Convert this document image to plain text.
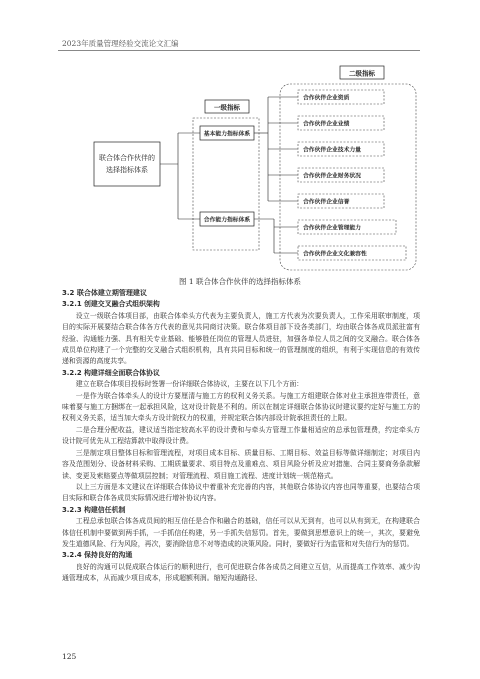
2023年质量管理经验交流论文汇编
联合体合作伙伴的
选择指标体系
一级指标
基本能力指标体系
合作能力指标体系
二级指标
合作伙伴企业资质
合作伙伴企业业绩
合作伙伴企业技术力量
合作伙伴企业财务状况
合作伙伴企业信誉
合作伙伴企业管理能力
合作伙伴企业文化兼容性
图 1 联合体合作伙伴的选择指标体系
3.2 联合体建立期管理建议
3.2.1 创建交叉融合式组织架构

设立一级联合体项目部，由联合体牵头方代表为主要负责人，施工方代表为次要负责人，工作采用联审制度，项目的实际开展要结合联合体各方代表的意见共同商讨决策。联合体项目部下设各类部门，均由联合体各成员派驻富有经验、沟通能力强、具有相关专业基础、能够胜任岗位的管理人员进驻，加强各单位人员之间的交叉融合。联合体各成员单位构建了一个完整的交叉融合式组织机构，具有共同目标和统一的管理制度的组织，有利于实现信息的有效传递和资源的高度共享。

3.2.2 构建详细全面联合体协议

建立在联合体项目投标时签署一份详细联合体协议，主要在以下几个方面：

一是作为联合体牵头人的设计方要厘清与施工方的权利义务关系。与施工方组建联合体对业主承担连带责任，意味着要与施工方捆绑在一起承担风险，这对设计院是不利的。所以在制定详细联合体协议时建议要约定好与施工方的权利义务关系，适当加大牵头方设计院权力的权重，并规定联合体内部设计院承担责任的上限。

二是合理分配收益，建议适当指定较高水平的设计费和与牵头方管理工作量相适应的总承包管理费，约定牵头方设计院可优先从工程结算款中取得设计费。

三是制定项目整体目标和管理流程，对项目成本目标、质量目标、工期目标、效益目标等做详细制定；对项目内容及范围划分、设备材料采购、工期质量要求、项目特点及重难点、项目风险分析及应对措施、合同主要商务条款解读、变更及索赔要点等做项层控制；对管理流程、项目施工流程、进度计划统一规范格式。

以上三方面是本文建议在详细联合体协议中着重补充完善的内容，其他联合体协议内容也同等重要，也要结合项目实际和联合体各成员实际情况进行增补协议内容。

3.2.3 构建信任机制

工程总承包联合体各成员间的相互信任是合作和融合的基础，信任可以从无到有，也可以从有到无，在构建联合体信任机制中要做到两手抓，一手抓信任构建，另一手抓失信惩罚。首先，要做到思想意识上的统一，其次，要避免发生道德风险、行为风险，再次，要消除信息不对等造成的决策风险。同时，要做好行为监管和对失信行为的惩罚。

3.2.4 保持良好的沟通

良好的沟通可以促成联合体运行的顺利进行，也可促进联合体各成员之间建立互信，从而提高工作效率、减少沟通管理成本，从而减少项目成本，形成超额利润。缩短沟通路径、

125
